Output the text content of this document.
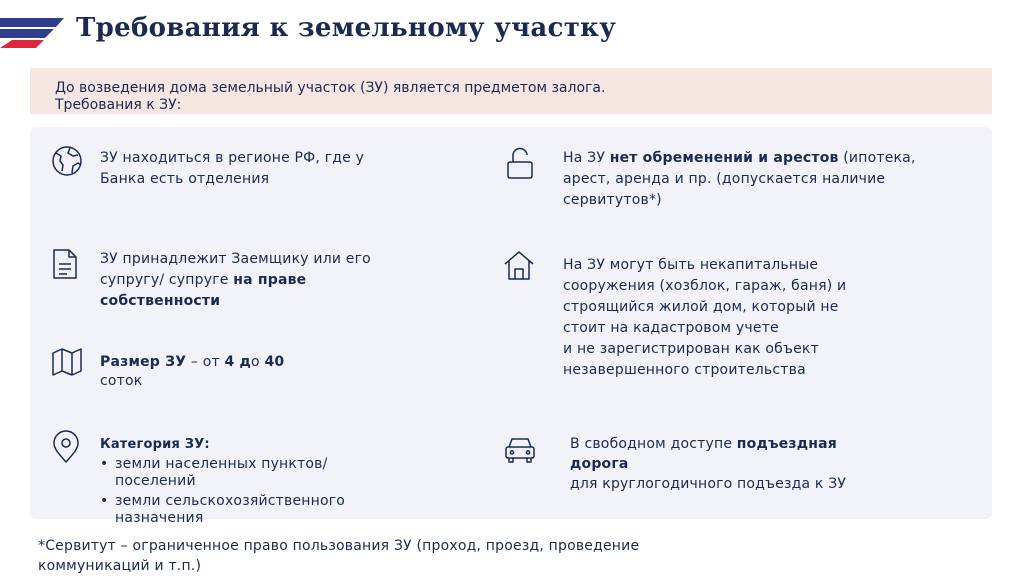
Требования к земельному участку
До возведения дома земельный участок (ЗУ) является предметом залога.
Требования к ЗУ:
ЗУ находиться в регионе РФ, где у
Банка есть отделения
ЗУ принадлежит Заемщику или его
супругу/ супруге на праве собственности
Размер ЗУ – от 4 до 40
соток
Категория ЗУ:
• земли населенных пунктов/поселений
• земли сельскохозяйственного назначения
На ЗУ нет обременений и арестов (ипотека,
арест, аренда и пр. (допускается наличие
сервитутов*)
На ЗУ могут быть некапитальные
сооружения (хозблок, гараж, баня) и
строящийся жилой дом, который не
стоит на кадастровом учете
и не зарегистрирован как объект
незавершенного строительства
В свободном доступе подъездная дорога
для круглогодичного подъезда к ЗУ
*Сервитут – ограниченное право пользования ЗУ (проход, проезд, проведение
коммуникаций и т.п.)
